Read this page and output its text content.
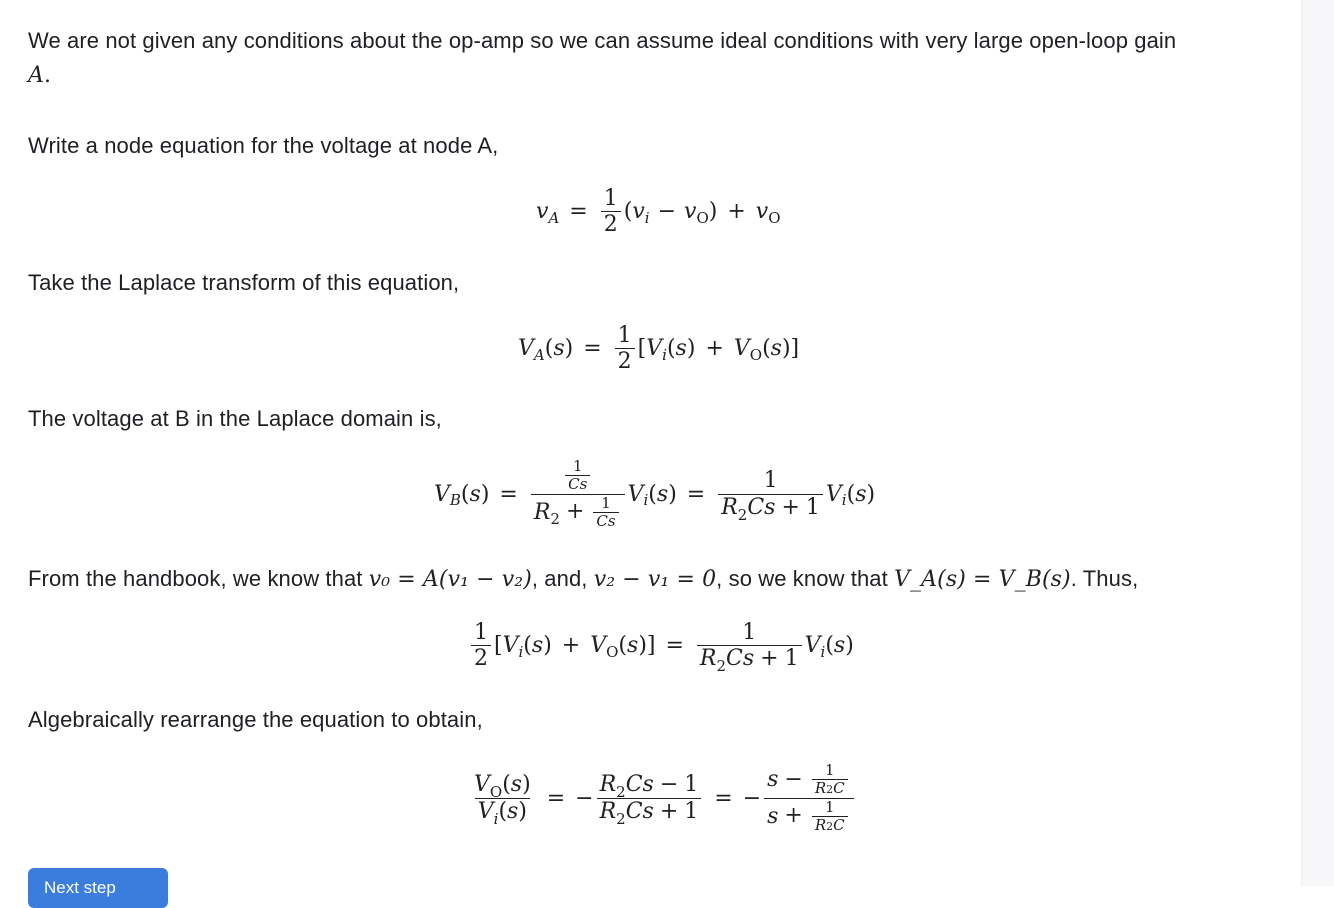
We are not given any conditions about the op-amp so we can assume ideal conditions with very large open-loop gain
A.
Write a node equation for the voltage at node A,
v $A = \frac{1}{2}$ ( v i − v O ) + v O
Take the Laplace transform of this equation,
V A ( s ) = $\frac{1}{2}$ [ V i ( s ) + V O ( s )]
The voltage at B in the Laplace domain is,
V B ( s ) = $\frac{\frac{1}{Cs}}{R_2 + \frac{1}{Cs}}$ V i ( s ) = $\frac{1}{R_2Cs + 1}$ V i ( s )
From the handbook, we know that v₀ = A(v₁ − v₂), and, v₂ − v₁ = 0, so we know that V_A(s) = V_B(s). Thus,
$\frac{1}{2}$ [ V i ( s ) + V O ( s )] = $\frac{1}{R_2Cs + 1}$ V i ( s )
Algebraically rearrange the equation to obtain,
$\frac{V_O(s)}{V_i(s)}$ = − $\frac{R_2Cs - 1}{R_2Cs + 1}$ = − $\frac{s - \frac{1}{R2C}}{s + \frac{1}{R2C}}$
Next step
